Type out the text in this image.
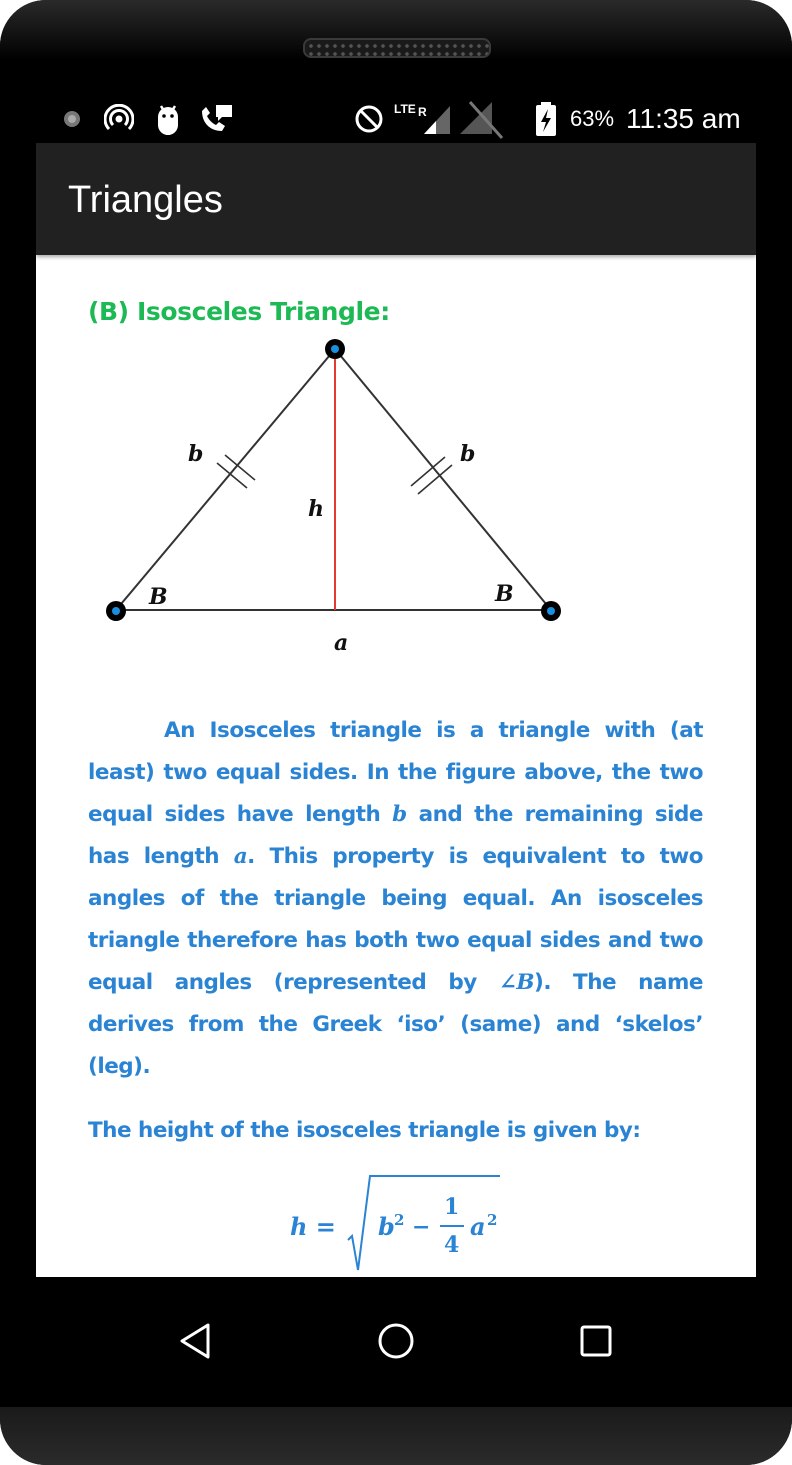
LTE R	63% 11:35 am
Triangles
(B) Isosceles Triangle:
b	b
h
B	B
a
An Isosceles triangle is a triangle with (at least) two equal sides. In the figure above, the two equal sides have length b and the remaining side has length a. This property is equivalent to two angles of the triangle being equal. An isosceles triangle therefore has both two equal sides and two equal angles (represented by ∠B). The name derives from the Greek ‘iso’ (same) and ‘skelos’ (leg).
The height of the isosceles triangle is given by:
h = b 2 −
1
4
a 2
